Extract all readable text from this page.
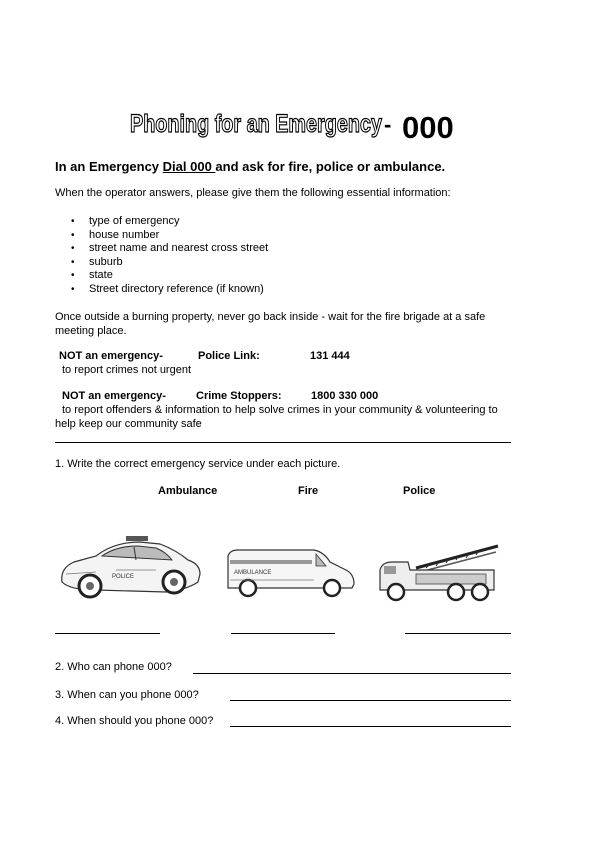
Phoning for an Emergency - 000
In an Emergency Dial 000 and ask for fire, police or ambulance.
When the operator answers, please give them the following essential information:
• type of emergency
• house number
• street name and nearest cross street
• suburb
• state
• Street directory reference (if known)
Once outside a burning property, never go back inside - wait for the fire brigade at a safe
meeting place.
NOT an emergency-	Police Link:	131 444
to report crimes not urgent
NOT an emergency-	Crime Stoppers:	1800 330 000
to report offenders & information to help solve crimes in your community & volunteering to
help keep our community safe
1. Write the correct emergency service under each picture.
Ambulance	Fire	Police
POLICE
AMBULANCE
2. Who can phone 000?
3. When can you phone 000?
4. When should you phone 000?
